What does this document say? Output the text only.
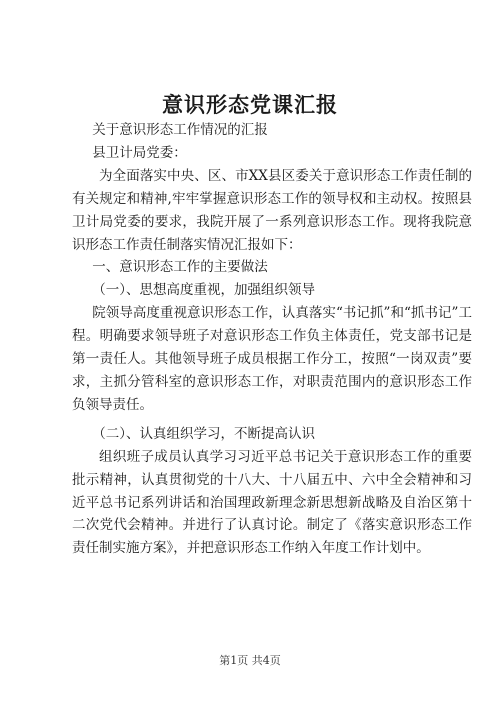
意识形态党课汇报

关于意识形态工作情况的汇报

县卫计局党委：

为全面落实中央、区、市XX县区委关于意识形态工作责任制的有关规定和精神,牢牢掌握意识形态工作的领导权和主动权。按照县卫计局党委的要求，我院开展了一系列意识形态工作。现将我院意识形态工作责任制落实情况汇报如下：

一、意识形态工作的主要做法

（一）、思想高度重视，加强组织领导

院领导高度重视意识形态工作，认真落实“书记抓”和“抓书记”工程。明确要求领导班子对意识形态工作负主体责任，党支部书记是第一责任人。其他领导班子成员根据工作分工，按照“一岗双责”要求，主抓分管科室的意识形态工作，对职责范围内的意识形态工作负领导责任。

（二）、认真组织学习，不断提高认识

组织班子成员认真学习习近平总书记关于意识形态工作的重要批示精神，认真贯彻党的十八大、十八届五中、六中全会精神和习近平总书记系列讲话和治国理政新理念新思想新战略及自治区第十二次党代会精神。并进行了认真讨论。制定了《落实意识形态工作责任制实施方案》，并把意识形态工作纳入年度工作计划中。

第1页 共4页
